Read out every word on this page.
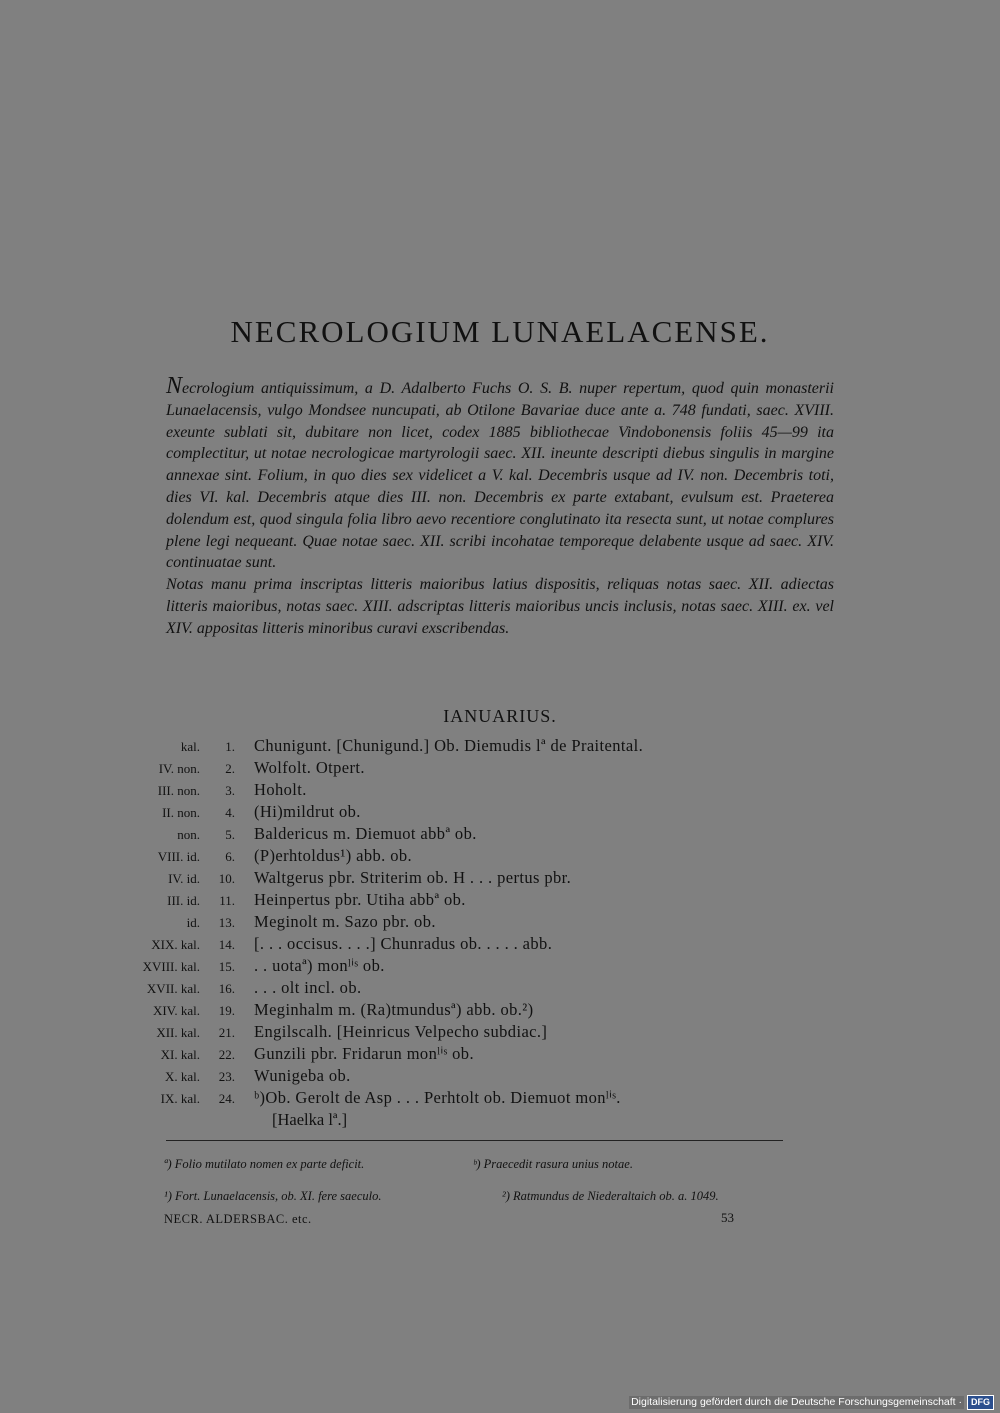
NECROLOGIUM LUNAELACENSE.

Necrologium antiquissimum, a D. Adalberto Fuchs O. S. B. nuper repertum, quod quin monasterii Lunaelacensis, vulgo Mondsee nuncupati, ab Otilone Bavariae duce ante a. 748 fundati, saec. XVIII. exeunte sublati sit, dubitare non licet, codex 1885 bibliothecae Vindobonensis foliis 45—99 ita complectitur, ut notae necrologicae martyrologii saec. XII. ineunte descripti diebus singulis in margine annexae sint. Folium, in quo dies sex videlicet a V. kal. Decembris usque ad IV. non. Decembris toti, dies VI. kal. Decembris atque dies III. non. Decembris ex parte extabant, evulsum est. Praeterea dolendum est, quod singula folia libro aevo recentiore conglutinato ita resecta sunt, ut notae complures plene legi nequeant. Quae notae saec. XII. scribi incohatae temporeque delabente usque ad saec. XIV. continuatae sunt.

Notas manu prima inscriptas litteris maioribus latius dispositis, reliquas notas saec. XII. adiectas litteris maioribus, notas saec. XIII. adscriptas litteris maioribus uncis inclusis, notas saec. XIII. ex. vel XIV. appositas litteris minoribus curavi exscribendas.

IANUARIUS.
kal.	1. Chunigunt. [Chunigund.] Ob. Diemudis lª de Praitental.
IV. non.	2. Wolfolt. Otpert.
III. non.	3. Hoholt.
II. non.	4. (Hi)mildrut ob.
non.	5. Baldericus m. Diemuot abbª ob.
VIII. id.	6. (P)erhtoldus¹) abb. ob.
IV. id.	10. Waltgerus pbr. Striterim ob. H . . . pertus pbr.
III. id.	11. Heinpertus pbr. Utiha abbª ob.
id.	13. Meginolt m. Sazo pbr. ob.
XIX. kal.	14. [. . . occisus. . . .] Chunradus ob. . . . . abb.
XVIII. kal.	15. . . uotaª) monˡⁱˢ ob.
XVII. kal.	16. . . . olt incl. ob.
XIV. kal.	19. Meginhalm m. (Ra)tmundusª) abb. ob.²)
XII. kal.	21. Engilscalh. [Heinricus Velpecho subdiac.]
XI. kal.	22. Gunzili pbr. Fridarun monˡⁱˢ ob.
X. kal.	23. Wunigeba ob.
IX. kal.	24. ᵇ)Ob. Gerolt de Asp . . . Perhtolt ob. Diemuot monˡⁱˢ.
[Haelka lª.]
ª) Folio mutilato nomen ex parte deficit.	ᵇ) Praecedit rasura unius notae.
¹) Fort. Lunaelacensis, ob. XI. fere saeculo.	²) Ratmundus de Niederaltaich ob. a. 1049.
NECR. ALDERSBAC. etc.	53
Digitalisierung gefördert durch die Deutsche Forschungsgemeinschaft ·	DFG
